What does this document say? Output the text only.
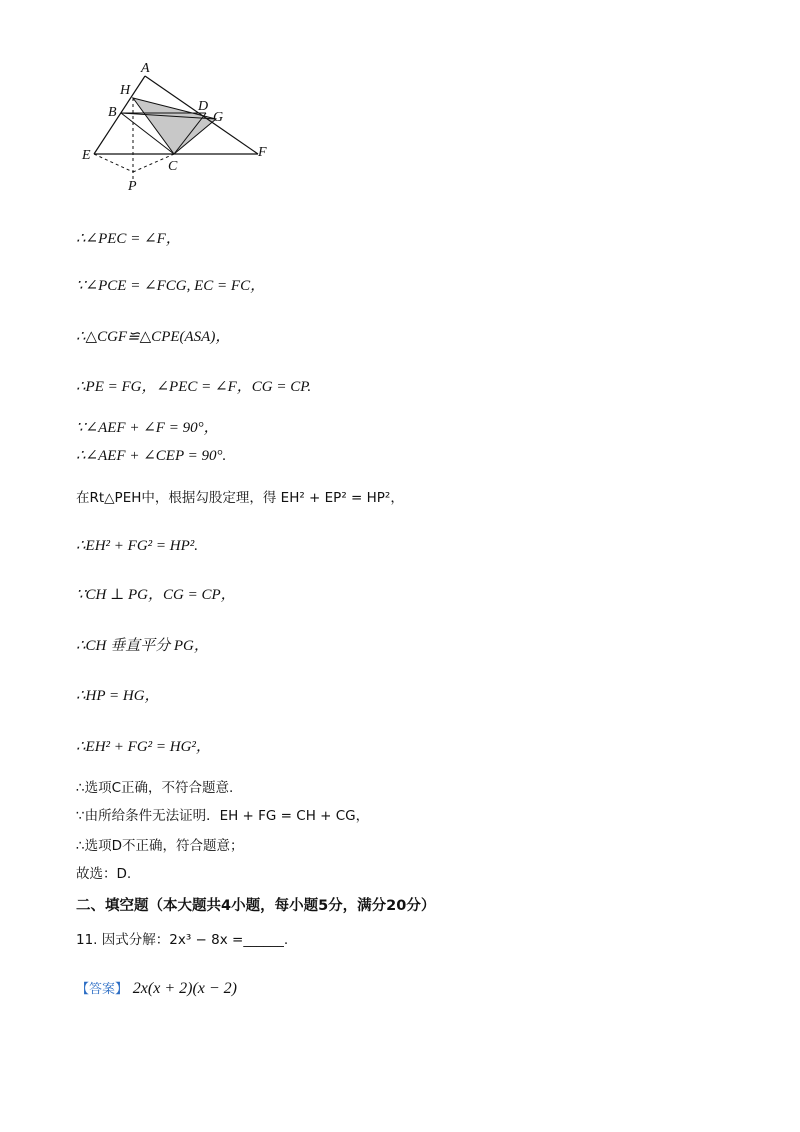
A
H
B	D
G
E
C
F
P
∴∠PEC = ∠F，
∵∠PCE = ∠FCG, EC = FC，
∴△CGF≌△CPE(ASA)，
∴PE = FG，∠PEC = ∠F，CG = CP.
∵∠AEF + ∠F = 90°，
∴∠AEF + ∠CEP = 90°.
在Rt△PEH中，根据勾股定理，得 EH² + EP² = HP²，
∴EH² + FG² = HP².
∵CH ⊥ PG，CG = CP，
∴CH 垂直平分 PG，
∴HP = HG，
∴EH² + FG² = HG²，
∴选项C正确，不符合题意.
∵由所给条件无法证明．EH + FG = CH + CG，
∴选项D不正确，符合题意；
故选：D.
二、填空题（本大题共4小题，每小题5分，满分20分）
11. 因式分解：2x³ − 8x =______.
【答案】 2x(x + 2)(x − 2)
